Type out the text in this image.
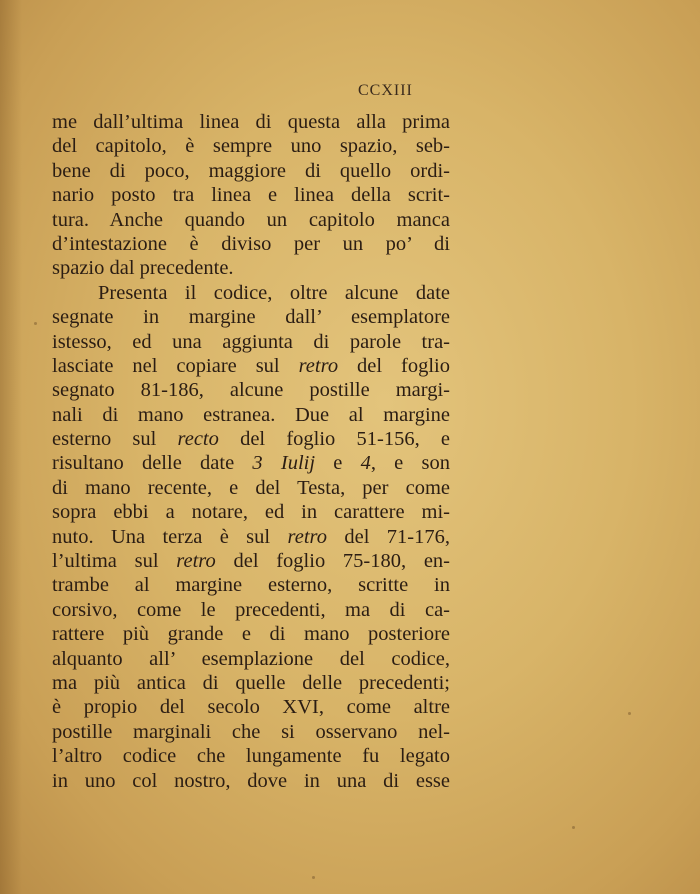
CCXIII
me dall’ultima linea di questa alla prima
del capitolo, è sempre uno spazio, seb-
bene di poco, maggiore di quello ordi-
nario posto tra linea e linea della scrit-
tura. Anche quando un capitolo manca
d’intestazione è diviso per un po’ di
spazio dal precedente.
Presenta il codice, oltre alcune date
segnate in margine dall’ esemplatore
istesso, ed una aggiunta di parole tra-
lasciate nel copiare sul retro del foglio
segnato 81-186, alcune postille margi-
nali di mano estranea. Due al margine
esterno sul recto del foglio 51-156, e
risultano delle date 3 Iulij e 4, e son
di mano recente, e del Testa, per come
sopra ebbi a notare, ed in carattere mi-
nuto. Una terza è sul retro del 71-176,
l’ultima sul retro del foglio 75-180, en-
trambe al margine esterno, scritte in
corsivo, come le precedenti, ma di ca-
rattere più grande e di mano posteriore
alquanto all’ esemplazione del codice,
ma più antica di quelle delle precedenti;
è propio del secolo XVI, come altre
postille marginali che si osservano nel-
l’altro codice che lungamente fu legato
in uno col nostro, dove in una di esse
